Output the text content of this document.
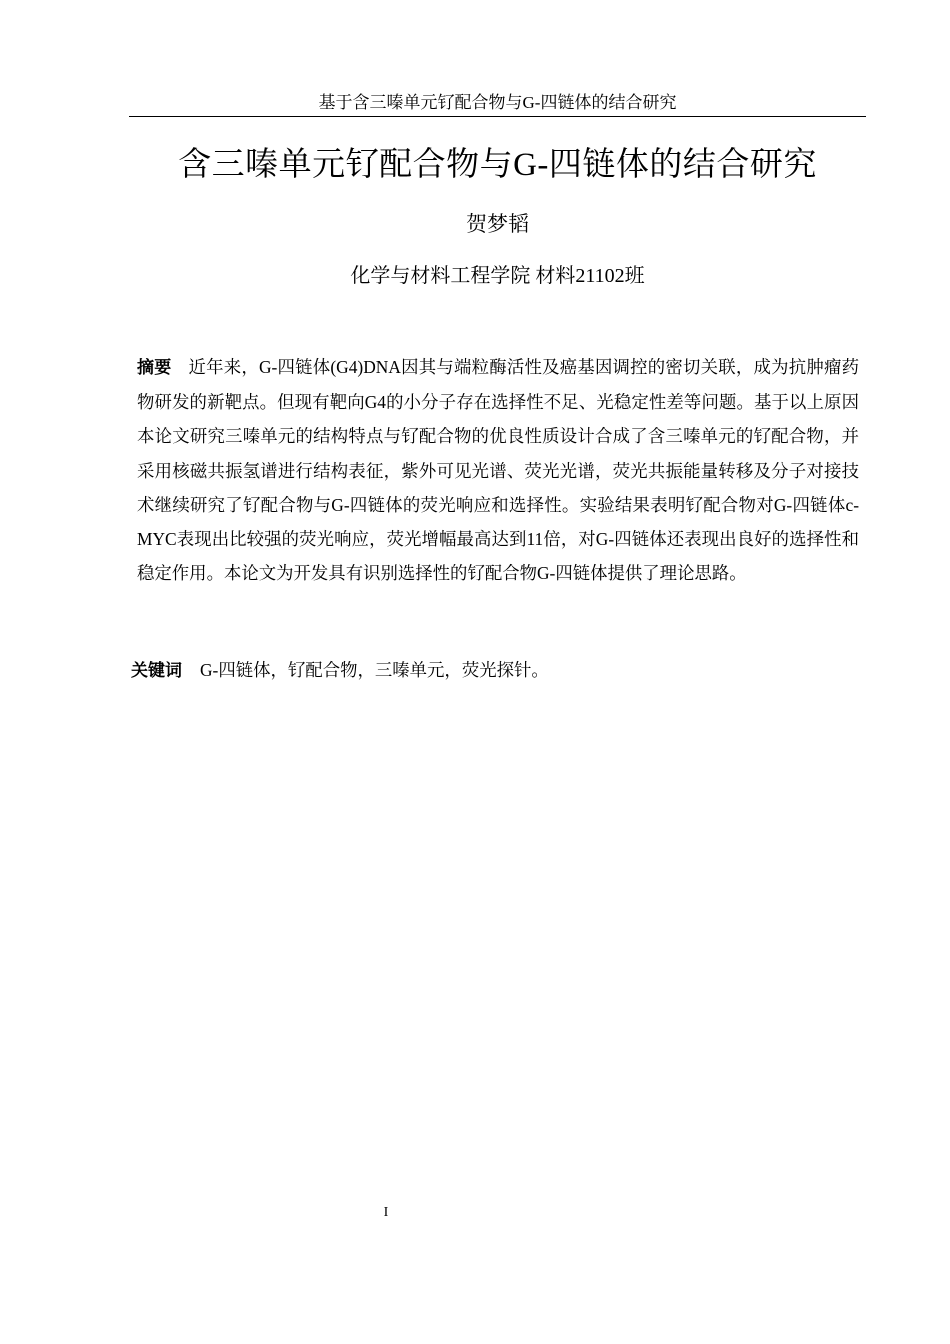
基于含三嗪单元钌配合物与G-四链体的结合研究
含三嗪单元钌配合物与G-四链体的结合研究
贺梦韬
化学与材料工程学院 材料21102班

摘要 近年来，G-四链体(G4)DNA因其与端粒酶活性及癌基因调控的密切关联，成为抗肿瘤药物研发的新靶点。但现有靶向G4的小分子存在选择性不足、光稳定性差等问题。基于以上原因本论文研究三嗪单元的结构特点与钌配合物的优良性质设计合成了含三嗪单元的钌配合物，并采用核磁共振氢谱进行结构表征，紫外可见光谱、荧光光谱，荧光共振能量转移及分子对接技术继续研究了钌配合物与G-四链体的荧光响应和选择性。实验结果表明钌配合物对G-四链体c-MYC表现出比较强的荧光响应，荧光增幅最高达到11倍，对G-四链体还表现出良好的选择性和稳定作用。本论文为开发具有识别选择性的钌配合物G-四链体提供了理论思路。

关键词 G-四链体，钌配合物，三嗪单元，荧光探针。
I
